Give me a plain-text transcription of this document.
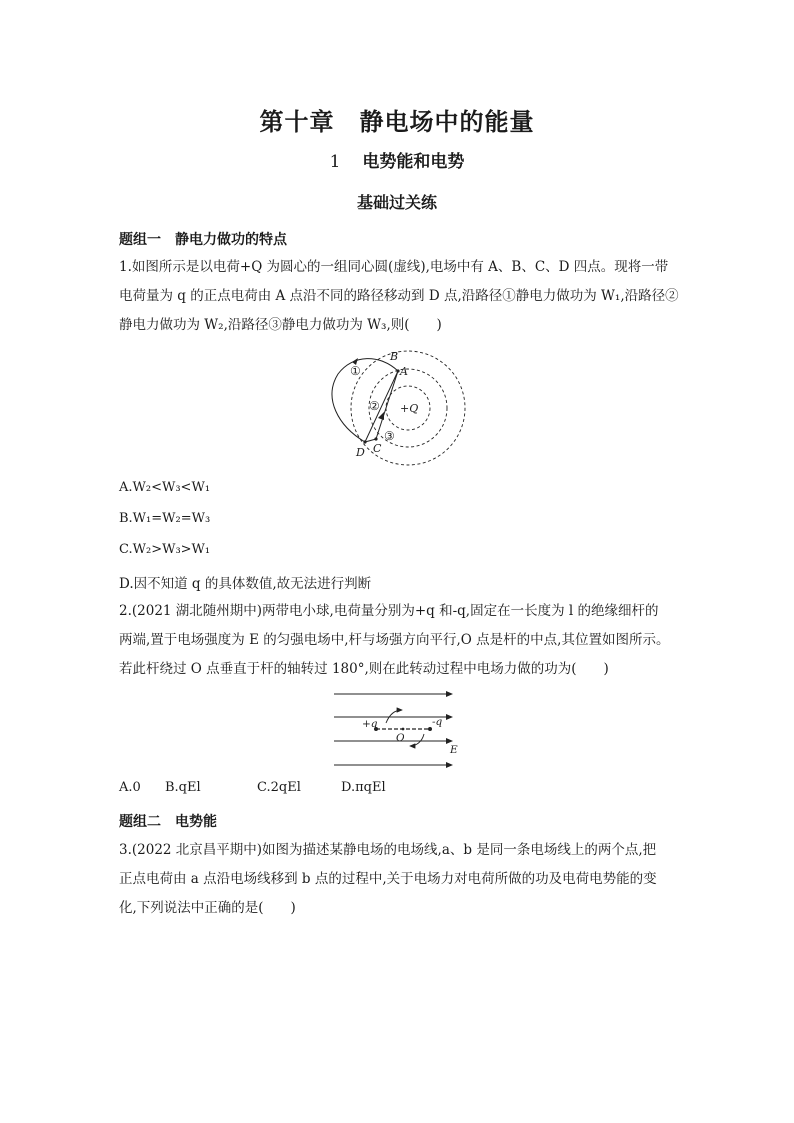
第十章　静电场中的能量
1 电势能和电势
基础过关练
题组一　静电力做功的特点

1.如图所示是以电荷+Q 为圆心的一组同心圆(虚线),电场中有 A、B、C、D 四点。现将一带

电荷量为 q 的正点电荷由 A 点沿不同的路径移动到 D 点,沿路径①静电力做功为 W₁,沿路径②

静电力做功为 W₂,沿路径③静电力做功为 W₃,则(　　)

B
A
D C
+Q
①
②
③
A.W₂<W₃<W₁
B.W₁=W₂=W₃
C.W₂>W₃>W₁
D.因不知道 q 的具体数值,故无法进行判断

2.(2021 湖北随州期中)两带电小球,电荷量分别为+q 和-q,固定在一长度为 l 的绝缘细杆的

两端,置于电场强度为 E 的匀强电场中,杆与场强方向平行,O 点是杆的中点,其位置如图所示。

若此杆绕过 O 点垂直于杆的轴转过 180°,则在此转动过程中电场力做的功为(　　)

+q	-q
O
E
A.0 B.qEl	C.2qEl	D.πqEl
题组二　电势能

3.(2022 北京昌平期中)如图为描述某静电场的电场线,a、b 是同一条电场线上的两个点,把

正点电荷由 a 点沿电场线移到 b 点的过程中,关于电场力对电荷所做的功及电荷电势能的变

化,下列说法中正确的是(　　)
